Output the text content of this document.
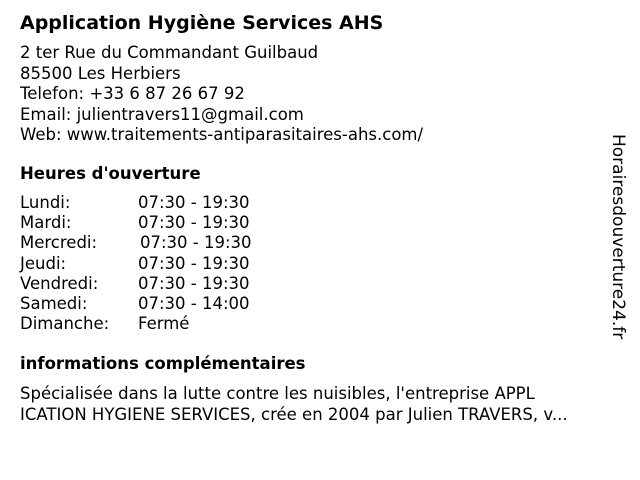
Application Hygiène Services AHS
2 ter Rue du Commandant Guilbaud
85500 Les Herbiers
Telefon: +33 6 87 26 67 92
Email: julientravers11@gmail.com
Web: www.traitements-antiparasitaires-ahs.com/
Heures d'ouverture
Lundi:	07:30 - 19:30
Mardi:	07:30 - 19:30
Mercredi:	07:30 - 19:30
Jeudi:	07:30 - 19:30
Vendredi:	07:30 - 19:30
Samedi:	07:30 - 14:00
Dimanche:	Fermé
informations complémentaires
Spécialisée dans la lutte contre les nuisibles, l'entreprise APPL
ICATION HYGIENE SERVICES, crée en 2004 par Julien TRAVERS, v...
Horairesdouverture24.fr
